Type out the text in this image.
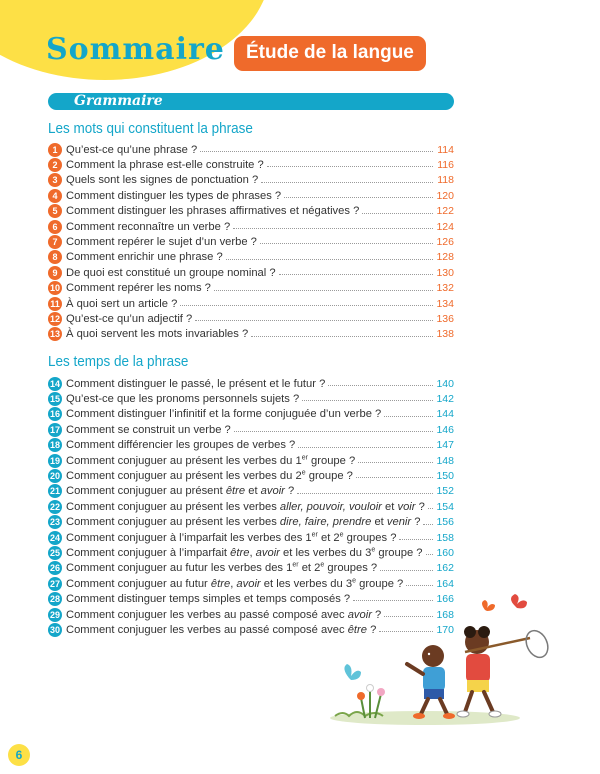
Sommaire	Étude de la langue
Grammaire
Les mots qui constituent la phrase
1 Qu’est-ce qu’une phrase ?	114
2 Comment la phrase est-elle construite ?	116
3 Quels sont les signes de ponctuation ?	118
4 Comment distinguer les types de phrases ?	120
5 Comment distinguer les phrases affirmatives et négatives ?	122
6 Comment reconnaître un verbe ?	124
7 Comment repérer le sujet d’un verbe ?	126
8 Comment enrichir une phrase ?	128
9 De quoi est constitué un groupe nominal ?	130
10 Comment repérer les noms ?	132
11 À quoi sert un article ?	134
12 Qu’est-ce qu’un adjectif ?	136
13 À quoi servent les mots invariables ?	138
Les temps de la phrase
14 Comment distinguer le passé, le présent et le futur ?	140
15 Qu’est-ce que les pronoms personnels sujets ?	142
16 Comment distinguer l’infinitif et la forme conjuguée d’un verbe ?	144
17 Comment se construit un verbe ?	146
18 Comment différencier les groupes de verbes ?	147
19 Comment conjuguer au présent les verbes du 1er groupe ?	148
20 Comment conjuguer au présent les verbes du 2e groupe ?	150
21 Comment conjuguer au présent être et avoir ?	152
22 Comment conjuguer au présent les verbes aller, pouvoir, vouloir et voir ? 154
23 Comment conjuguer au présent les verbes dire, faire, prendre et venir ? 156
24 Comment conjuguer à l’imparfait les verbes des 1er et 2e groupes ?	158
25 Comment conjuguer à l’imparfait être, avoir et les verbes du 3e groupe ? 160
26 Comment conjuguer au futur les verbes des 1er et 2e groupes ?	162
27 Comment conjuguer au futur être, avoir et les verbes du 3e groupe ?	164
28 Comment distinguer temps simples et temps composés ?	166
29 Comment conjuguer les verbes au passé composé avec avoir ?	168
30 Comment conjuguer les verbes au passé composé avec être ?	170
6
